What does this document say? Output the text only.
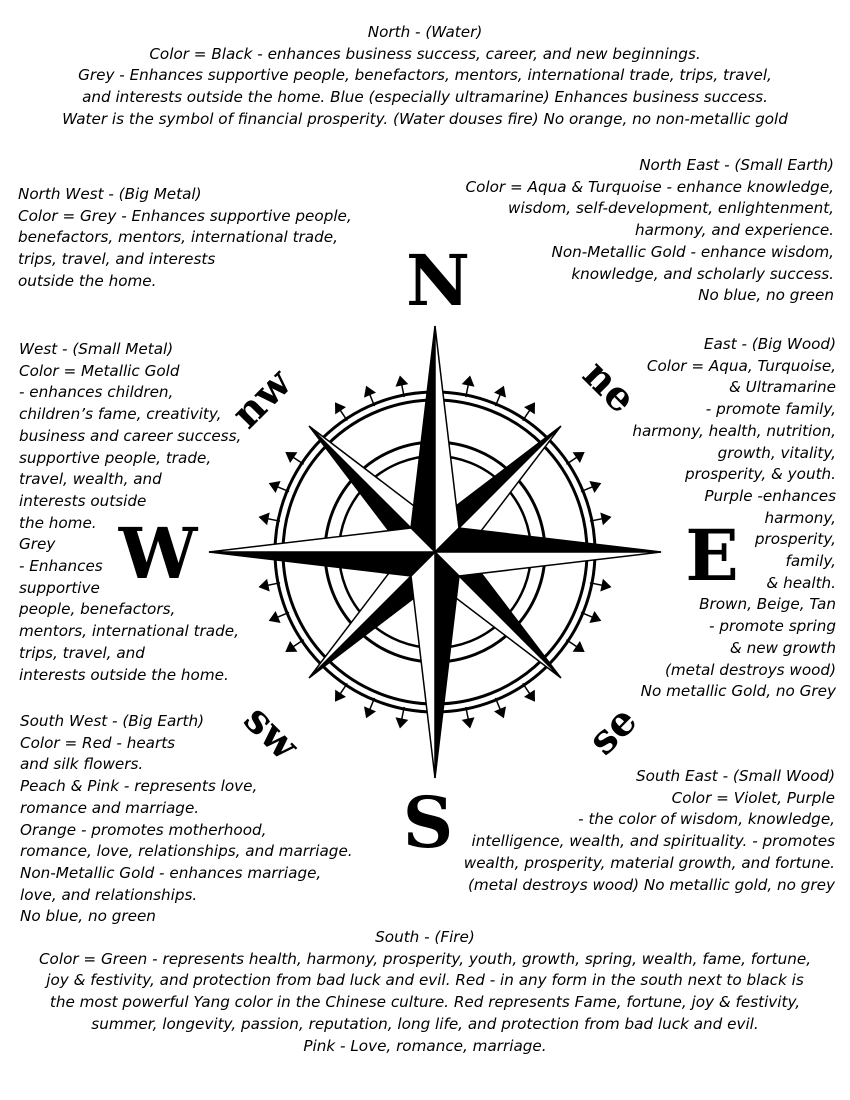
North - (Water)
Color = Black - enhances business success, career, and new beginnings.
Grey - Enhances supportive people, benefactors, mentors, international trade, trips, travel,
and interests outside the home. Blue (especially ultramarine) Enhances business success.
Water is the symbol of financial prosperity. (Water douses fire) No orange, no non-metallic gold
North West - (Big Metal)
Color = Grey - Enhances supportive people,
benefactors, mentors, international trade,
trips, travel, and interests
outside the home.
North East - (Small Earth)
Color = Aqua & Turquoise - enhance knowledge,
wisdom, self-development, enlightenment,
harmony, and experience.
Non-Metallic Gold - enhance wisdom,
knowledge, and scholarly success.
No blue, no green
West - (Small Metal)
Color = Metallic Gold
- enhances children,
children’s fame, creativity,
business and career success,
supportive people, trade,
travel, wealth, and
interests outside
the home.
Grey
- Enhances
supportive
people, benefactors,
mentors, international trade,
trips, travel, and
interests outside the home.
East - (Big Wood)
Color = Aqua, Turquoise,
& Ultramarine
- promote family,
harmony, health, nutrition,
growth, vitality,
prosperity, & youth.
Purple -enhances
harmony,
prosperity,
family,
& health.
Brown, Beige, Tan
- promote spring
& new growth
(metal destroys wood)
No metallic Gold, no Grey
South West - (Big Earth)
Color = Red - hearts
and silk flowers.
Peach & Pink - represents love,
romance and marriage.
Orange - promotes motherhood,
romance, love, relationships, and marriage.
Non-Metallic Gold - enhances marriage,
love, and relationships.
No blue, no green
South East - (Small Wood)
Color = Violet, Purple
- the color of wisdom, knowledge,
intelligence, wealth, and spirituality. - promotes
wealth, prosperity, material growth, and fortune.
(metal destroys wood) No metallic gold, no grey
South - (Fire)
Color = Green - represents health, harmony, prosperity, youth, growth, spring, wealth, fame, fortune,
joy & festivity, and protection from bad luck and evil. Red - in any form in the south next to black is
the most powerful Yang color in the Chinese culture. Red represents Fame, fortune, joy & festivity,
summer, longevity, passion, reputation, long life, and protection from bad luck and evil.
Pink - Love, romance, marriage.
N
E
S
W
ne
se
sw
nw
